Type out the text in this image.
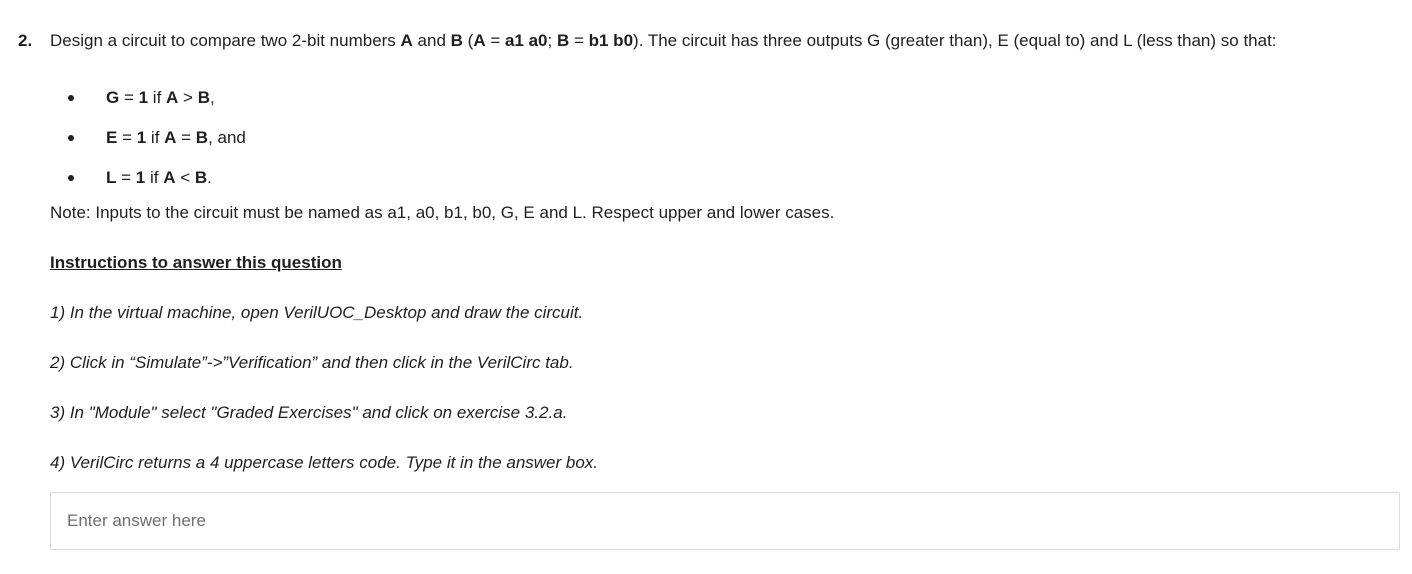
2. Design a circuit to compare two 2-bit numbers A and B (A = a1 a0; B = b1 b0). The circuit has three outputs G (greater than), E (equal to) and L (less than) so that:
G = 1 if A > B,
E = 1 if A = B, and
L = 1 if A < B.
Note: Inputs to the circuit must be named as a1, a0, b1, b0, G, E and L. Respect upper and lower cases.
Instructions to answer this question
1) In the virtual machine, open VerilUOC_Desktop and draw the circuit.
2) Click in “Simulate”->”Verification” and then click in the VerilCirc tab.
3) In "Module" select "Graded Exercises" and click on exercise 3.2.a.
4) VerilCirc returns a 4 uppercase letters code. Type it in the answer box.
Enter answer here
